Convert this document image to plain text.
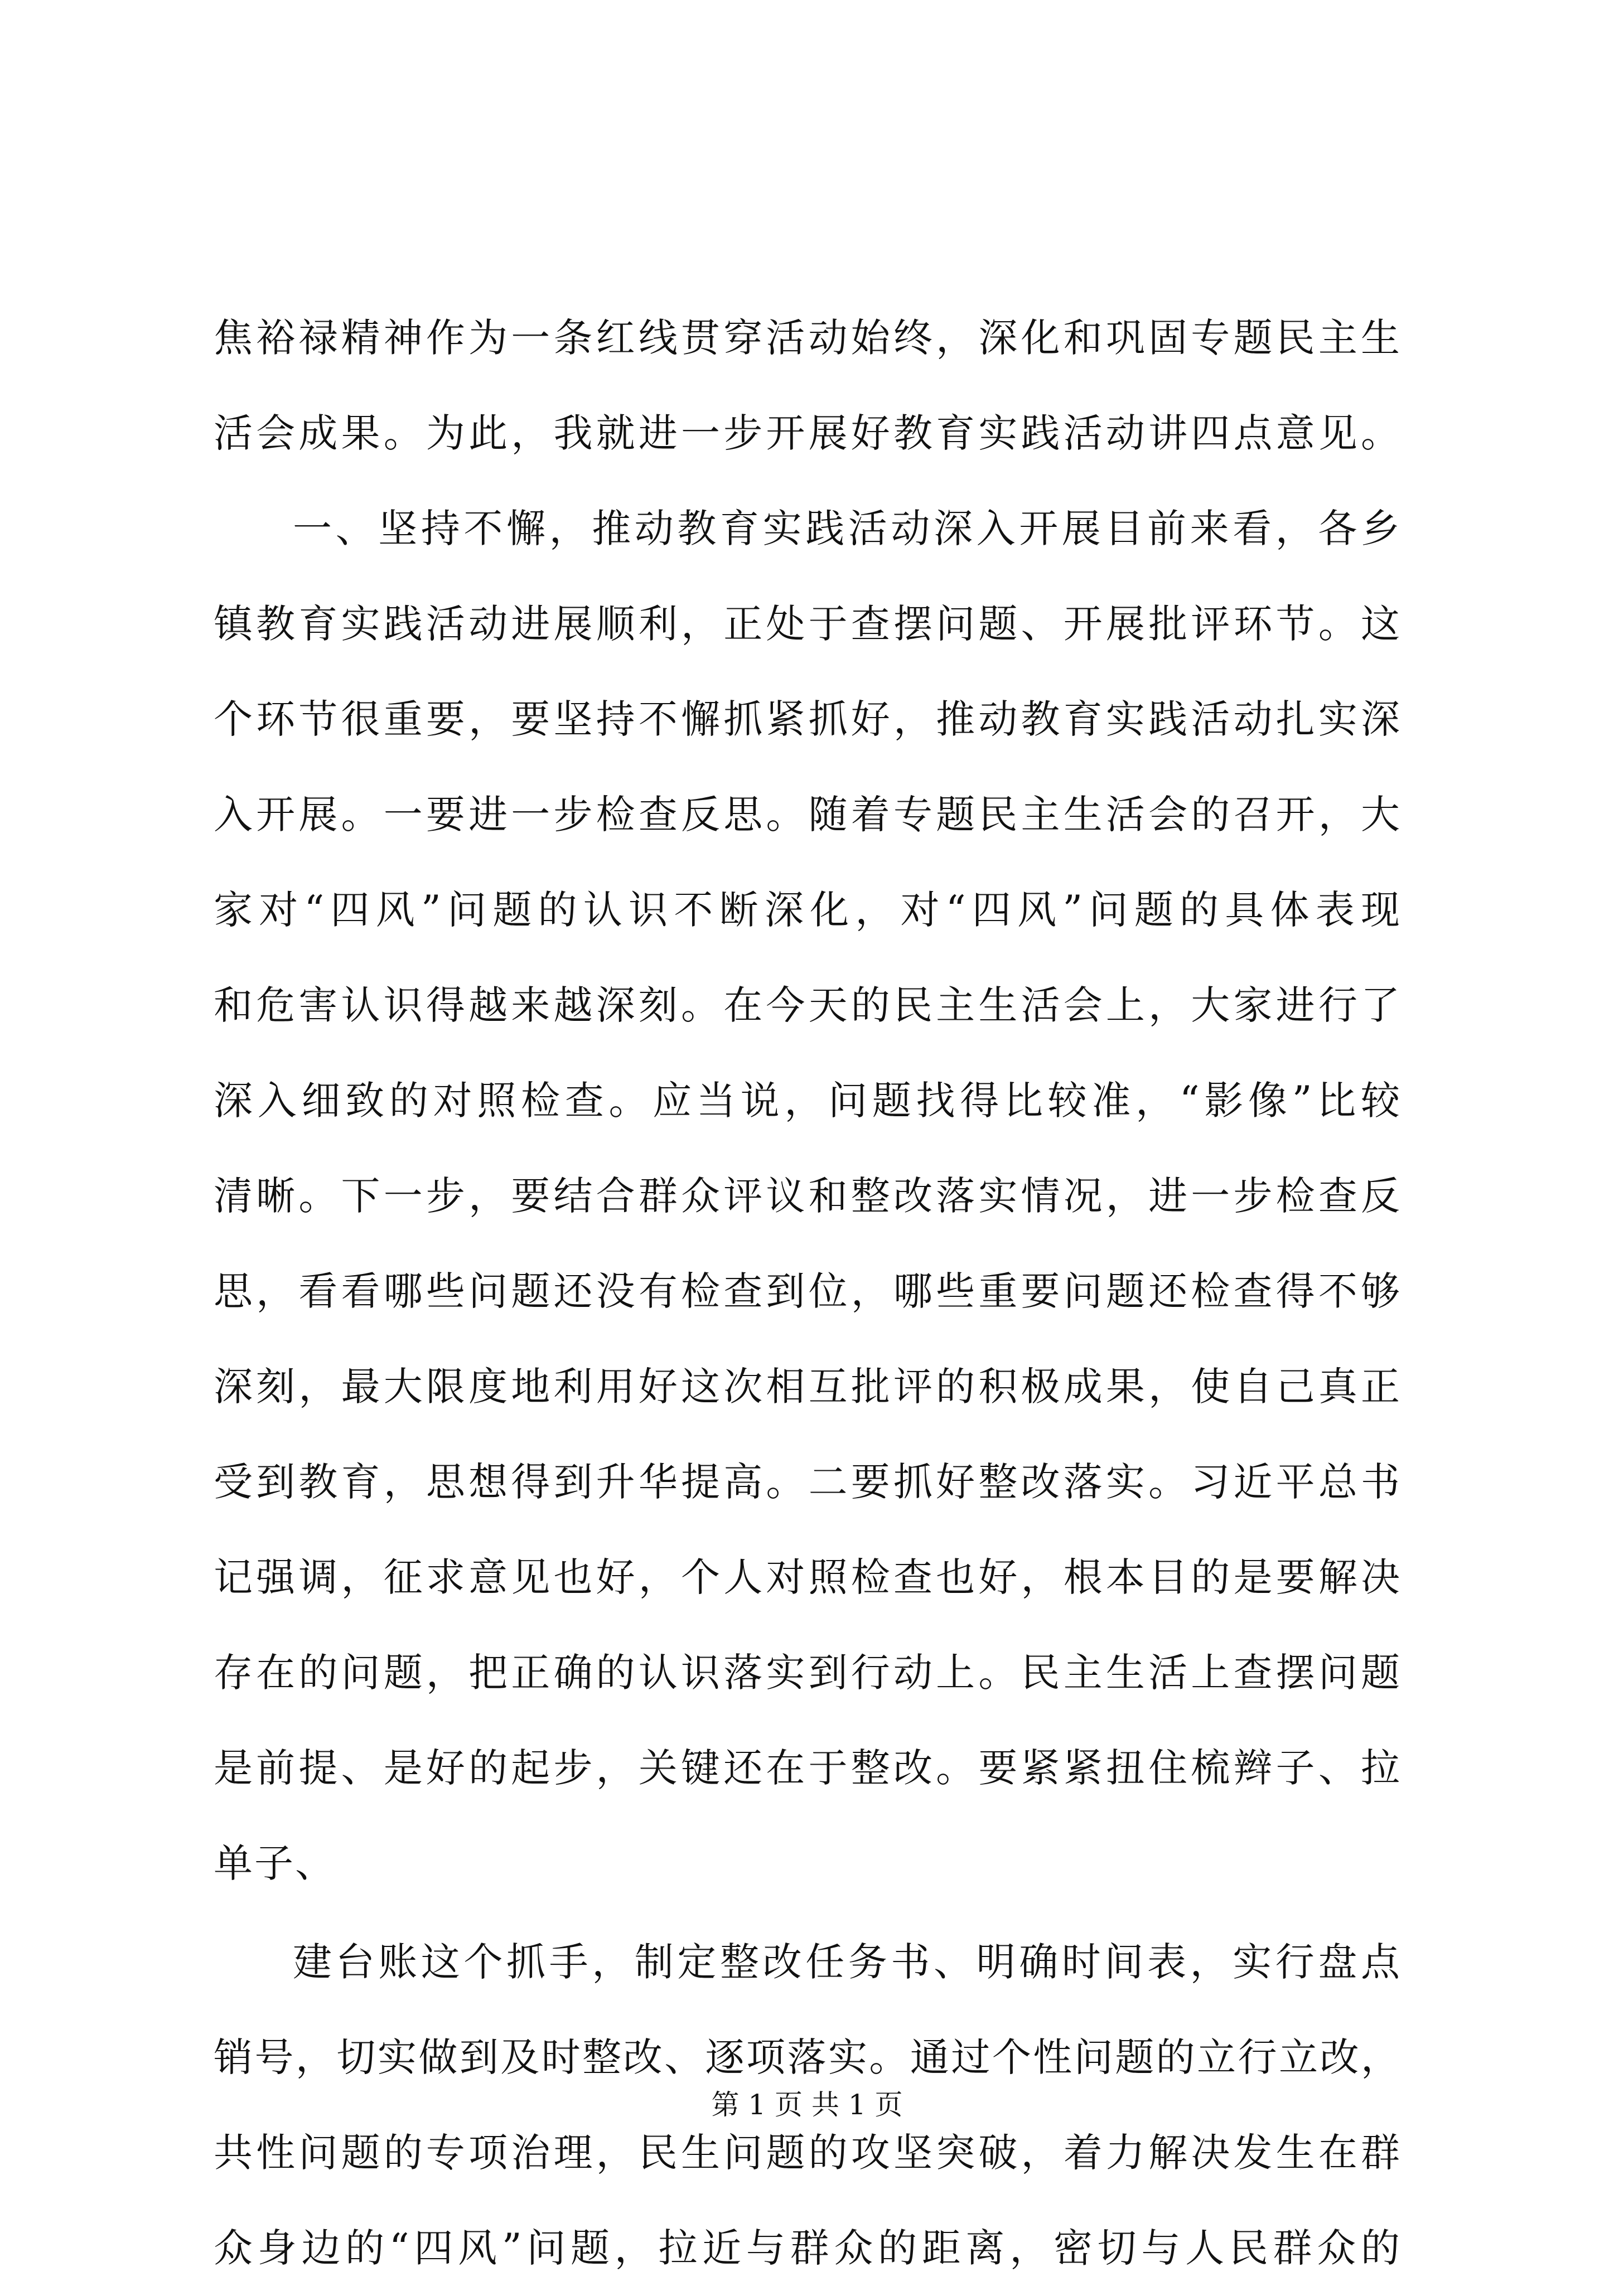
焦裕禄精神作为一条红线贯穿活动始终，深化和巩固专题民主生
活会成果。为此，我就进一步开展好教育实践活动讲四点意见。
一、坚持不懈，推动教育实践活动深入开展目前来看，各乡
镇教育实践活动进展顺利，正处于查摆问题、开展批评环节。这
个环节很重要，要坚持不懈抓紧抓好，推动教育实践活动扎实深
入开展。一要进一步检查反思。随着专题民主生活会的召开，大
家对“四风”问题的认识不断深化，对“四风”问题的具体表现
和危害认识得越来越深刻。在今天的民主生活会上，大家进行了
深入细致的对照检查。应当说，问题找得比较准，“影像”比较
清晰。下一步，要结合群众评议和整改落实情况，进一步检查反
思，看看哪些问题还没有检查到位，哪些重要问题还检查得不够
深刻，最大限度地利用好这次相互批评的积极成果，使自己真正
受到教育，思想得到升华提高。二要抓好整改落实。习近平总书
记强调，征求意见也好，个人对照检查也好，根本目的是要解决
存在的问题，把正确的认识落实到行动上。民主生活上查摆问题
是前提、是好的起步，关键还在于整改。要紧紧扭住梳辫子、拉
单子、
建台账这个抓手，制定整改任务书、明确时间表，实行盘点
销号，切实做到及时整改、逐项落实。通过个性问题的立行立改，
共性问题的专项治理，民生问题的攻坚突破，着力解决发生在群
众身边的“四风”问题，拉近与群众的距离，密切与人民群众的
第 1 页 共 1 页
